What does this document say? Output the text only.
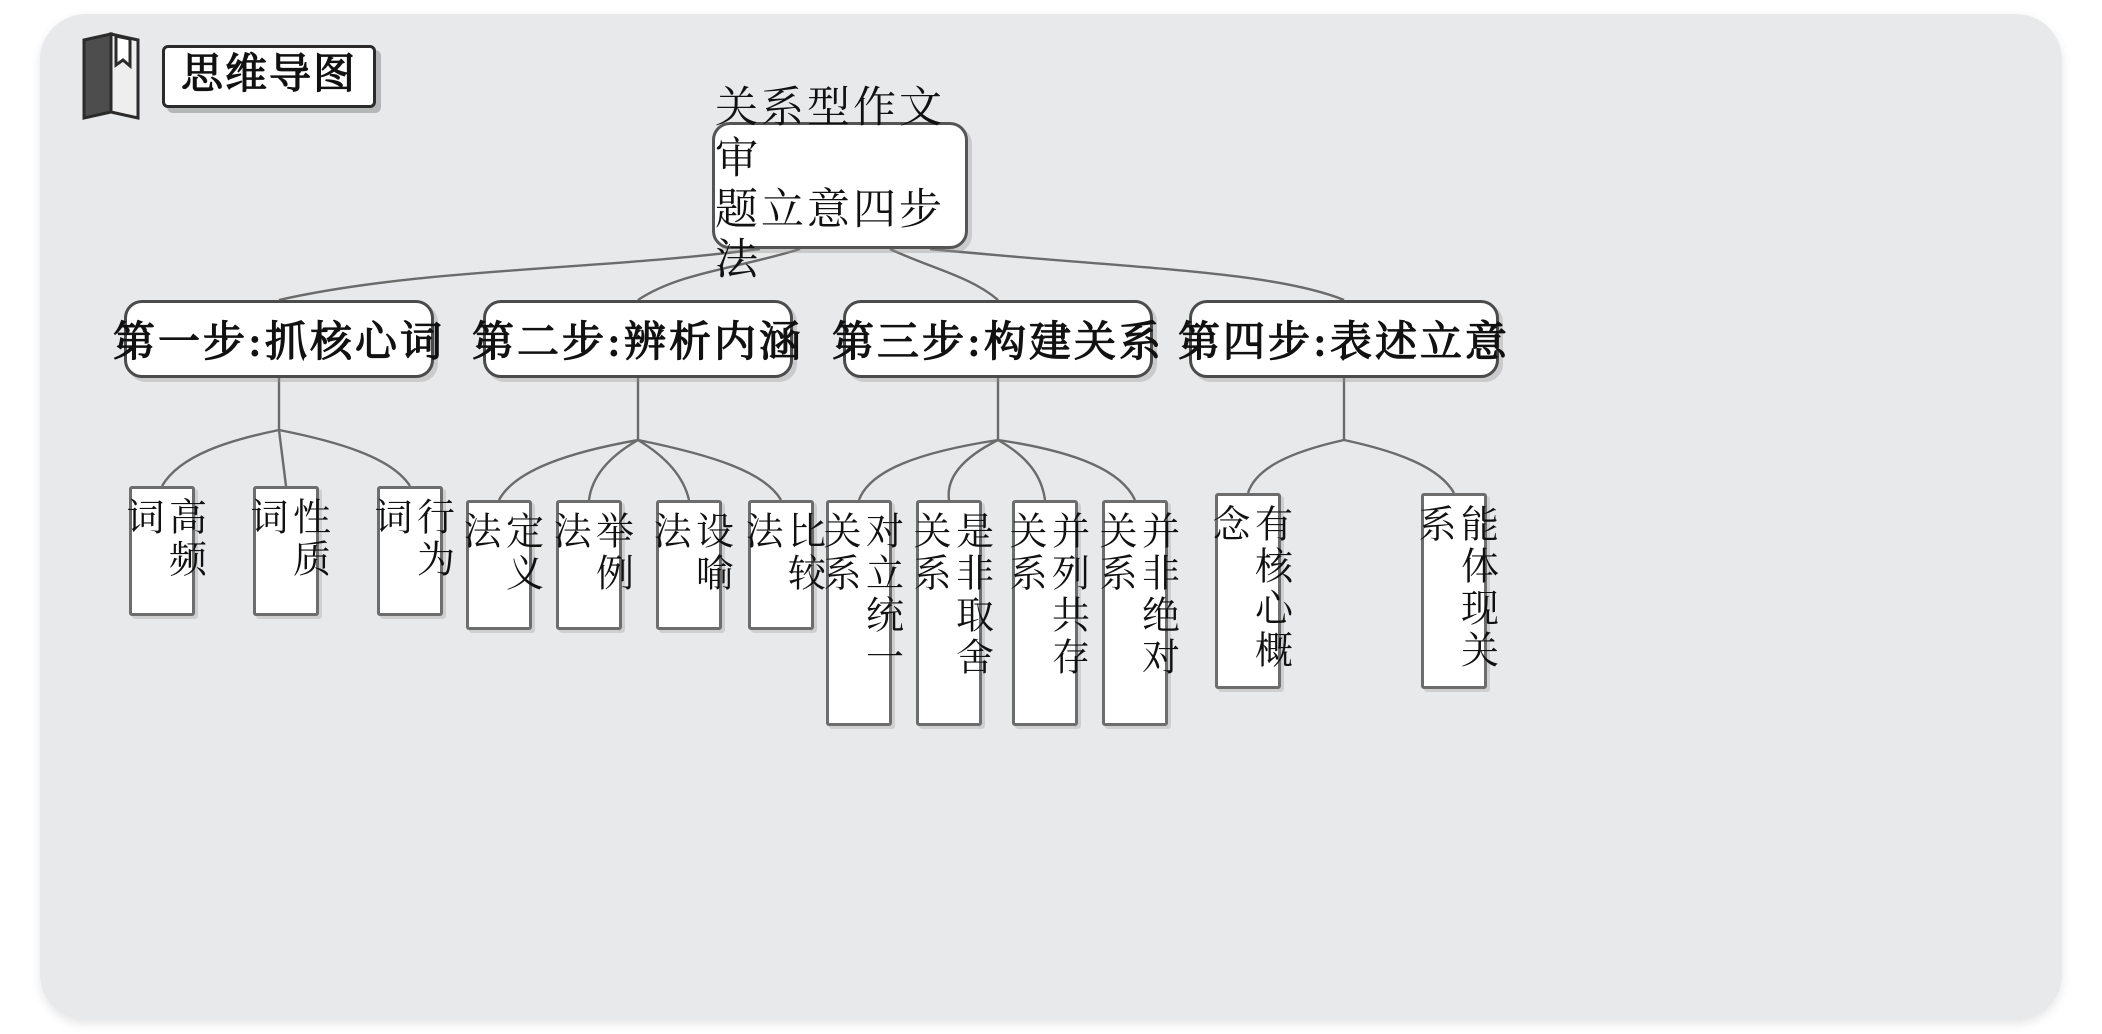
思维导图
关系型作文审
题立意四步法
第一步:抓核心词 第二步:辨析内涵 第三步:构建关系 第四步:表述立意
高频词	性质词	行为词	定义法	举例法	设喻法	比较法	对立统一关系	是非取舍关系	并列共存关系	并非绝对关系	有核心概念	能体现关系
